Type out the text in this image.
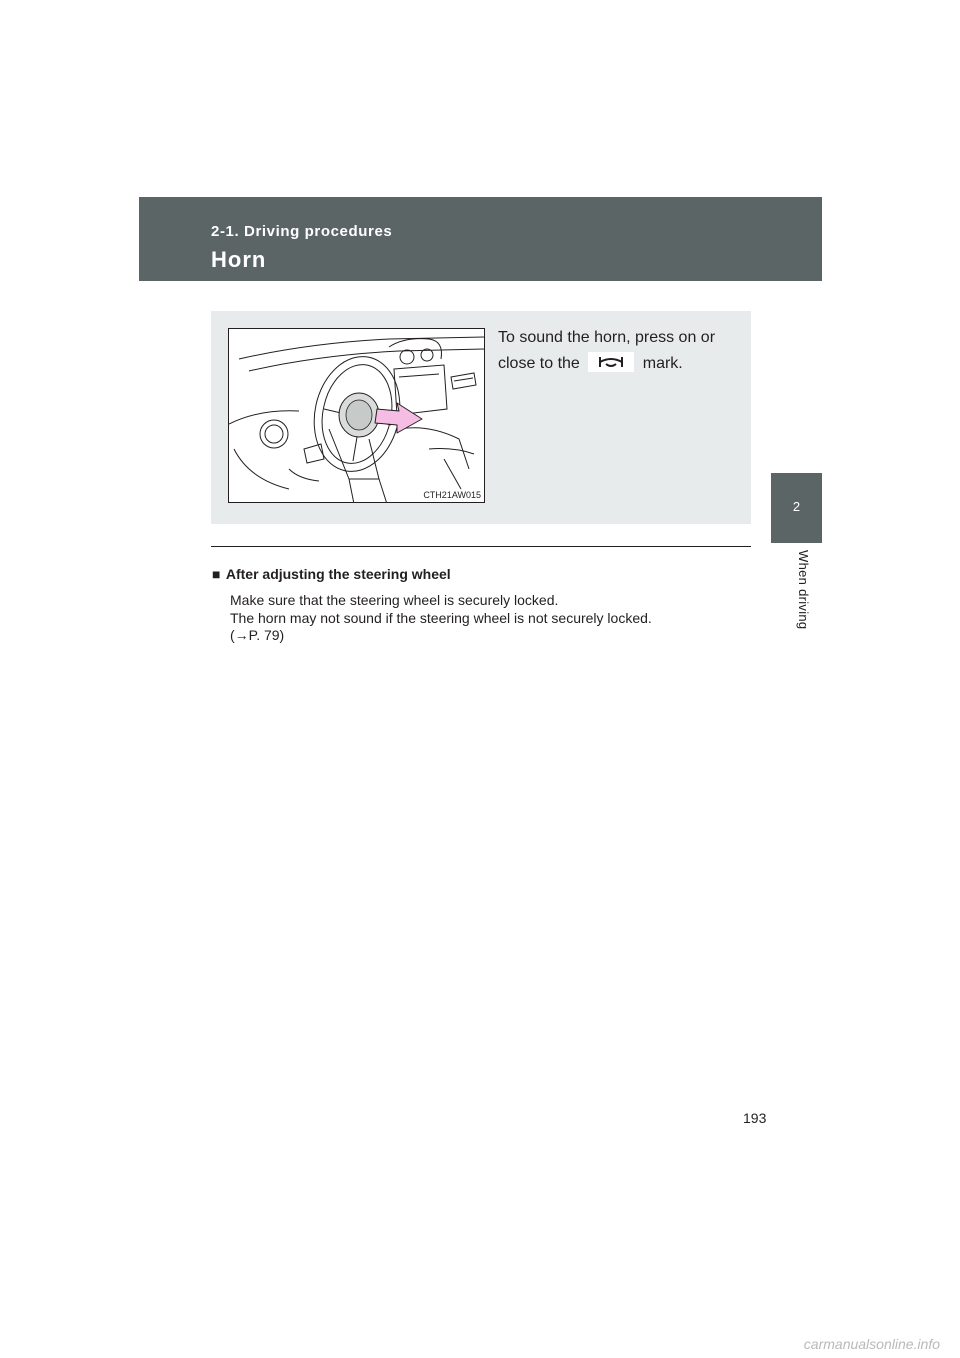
2-1. Driving procedures
Horn
2
When driving
CTH21AW015
To sound the horn, press on or close to the	mark.
■ After adjusting the steering wheel
Make sure that the steering wheel is securely locked.
The horn may not sound if the steering wheel is not securely locked.
(→P. 79)
193
carmanualsonline.info
